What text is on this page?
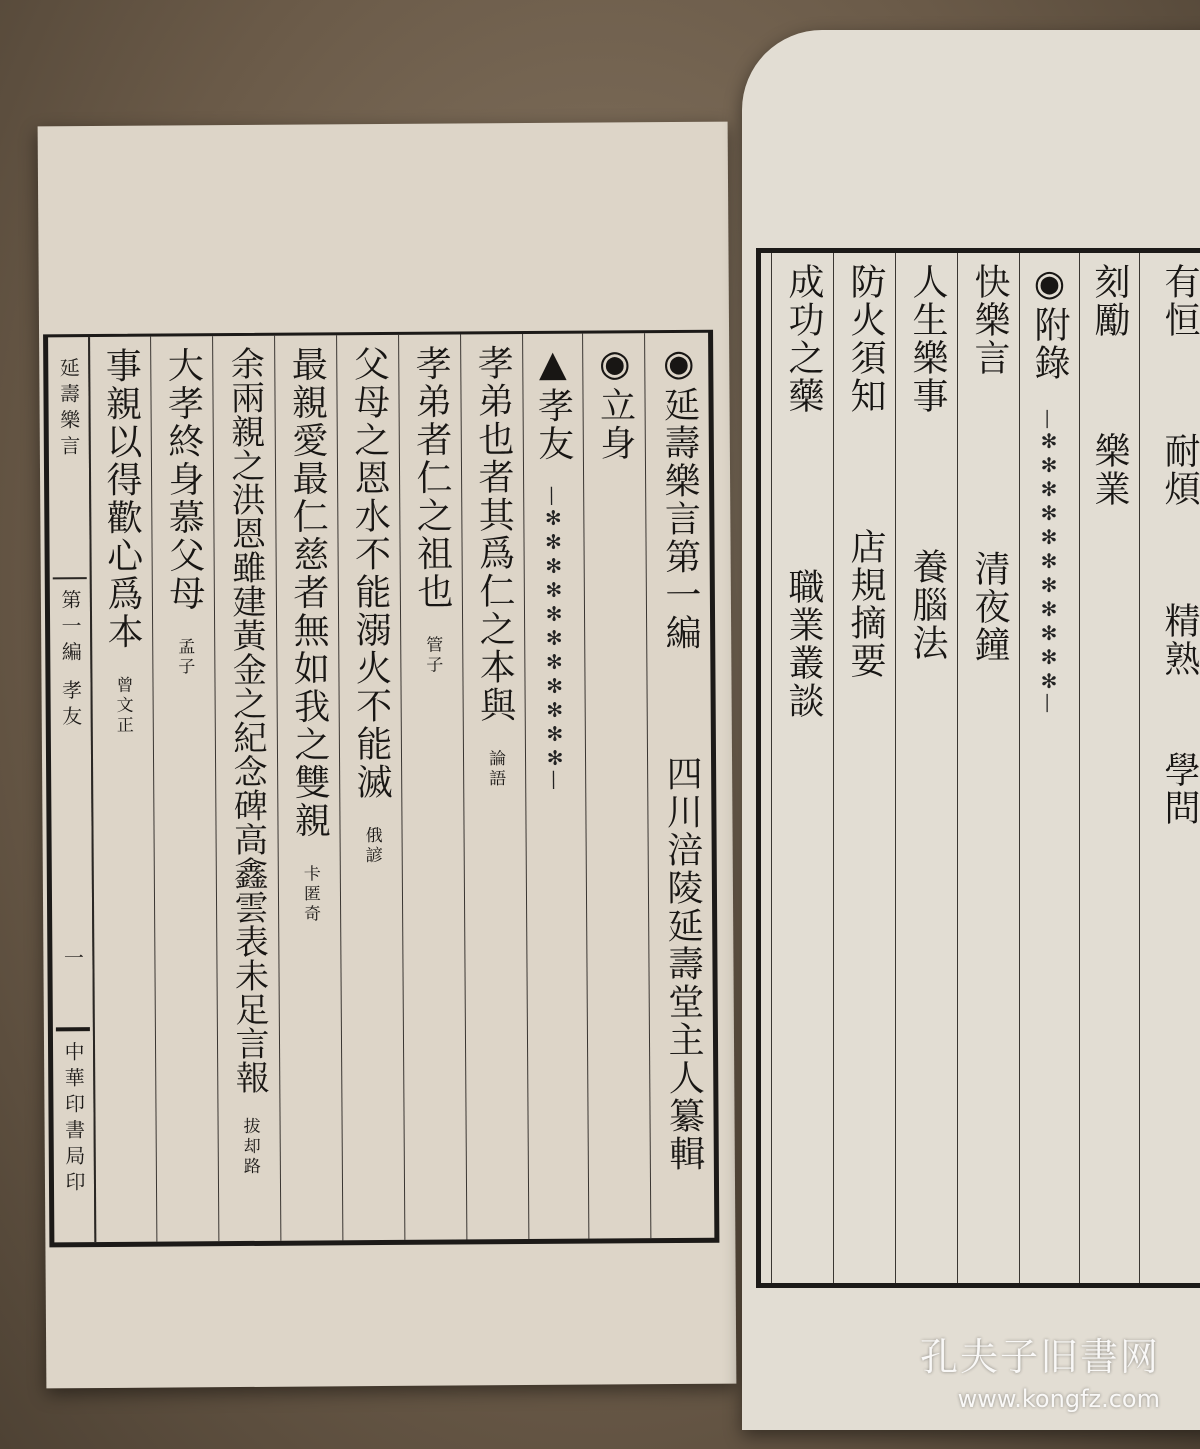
◉延壽樂言第一編 四川涪陵延壽堂主人纂輯
◉立身
▲孝友 —✻✻✻✻✻✻✻✻✻✻✻—
孝弟也者其爲仁之本與 論語
孝弟者仁之祖也 管子
父母之恩水不能溺火不能滅 俄諺
最親愛最仁慈者無如我之雙親 卡匿奇
余兩親之洪恩雖建黃金之紀念碑高鑫雲表未足言報 拔却路
大孝終身慕父母 孟子
事親以得歡心爲本 曾文正
延壽樂言
第一編 孝友
一
中華印書局印
有恒 耐煩 精熟 學問
刻勵 樂業
◉附錄 —✻✻✻✻✻✻✻✻✻✻✻—
快樂言 清夜鐘
人生樂事 養腦法
防火須知 店規摘要
成功之藥 職業叢談
孔夫子旧書网
www.kongfz.com
